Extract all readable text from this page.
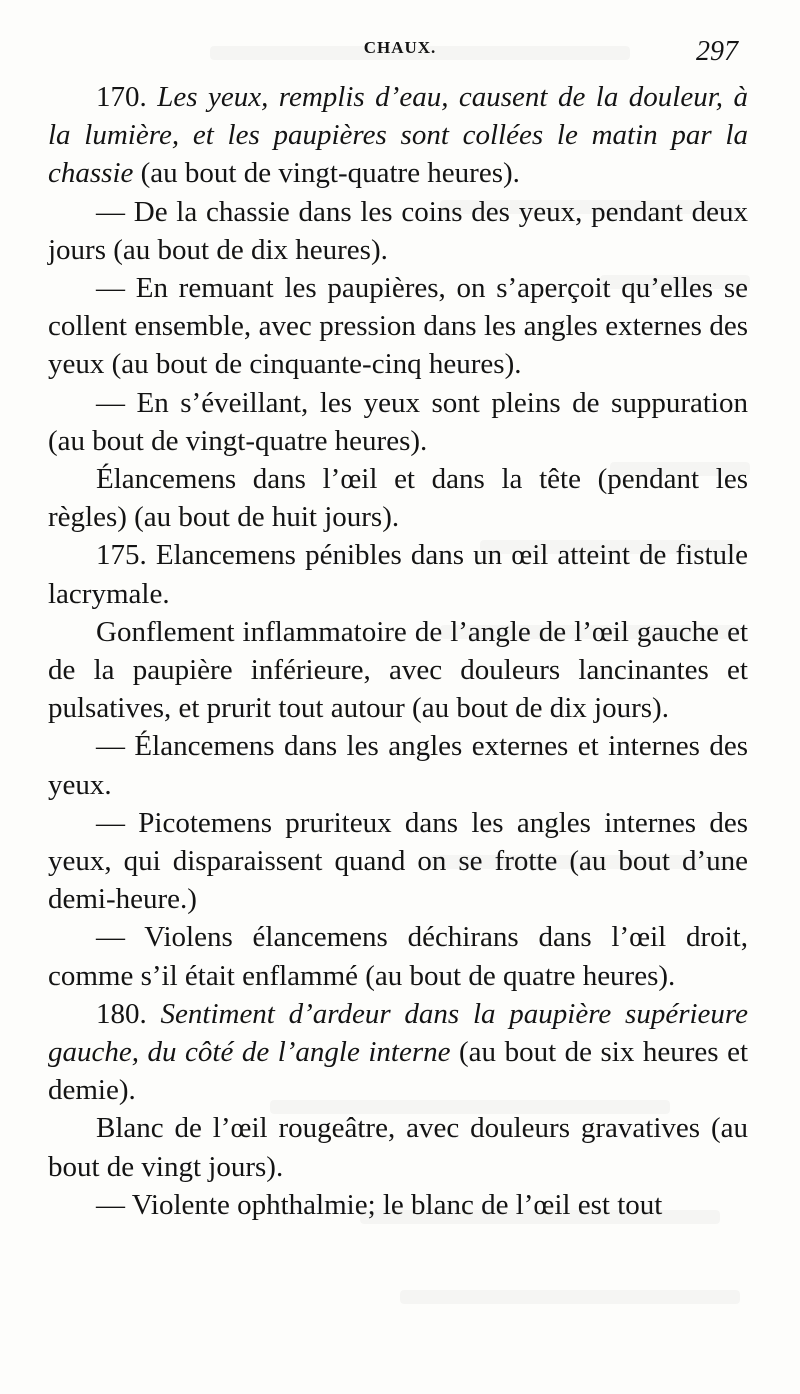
CHAUX.	297

170. Les yeux, remplis d’eau, causent de la douleur, à la lumière, et les paupières sont collées le matin par la chassie (au bout de vingt-quatre heures).

— De la chassie dans les coins des yeux, pendant deux jours (au bout de dix heures).

— En remuant les paupières, on s’aperçoit qu’elles se collent ensemble, avec pression dans les angles externes des yeux (au bout de cinquante-cinq heures).

— En s’éveillant, les yeux sont pleins de suppuration (au bout de vingt-quatre heures).

Élancemens dans l’œil et dans la tête (pendant les règles) (au bout de huit jours).

175. Elancemens pénibles dans un œil atteint de fistule lacrymale.

Gonflement inflammatoire de l’angle de l’œil gauche et de la paupière inférieure, avec douleurs lancinantes et pulsatives, et prurit tout autour (au bout de dix jours).

— Élancemens dans les angles externes et internes des yeux.

— Picotemens pruriteux dans les angles internes des yeux, qui disparaissent quand on se frotte (au bout d’une demi-heure.)

— Violens élancemens déchirans dans l’œil droit, comme s’il était enflammé (au bout de quatre heures).

180. Sentiment d’ardeur dans la paupière supérieure gauche, du côté de l’angle interne (au bout de six heures et demie).

Blanc de l’œil rougeâtre, avec douleurs gravatives (au bout de vingt jours).

— Violente ophthalmie; le blanc de l’œil est tout
